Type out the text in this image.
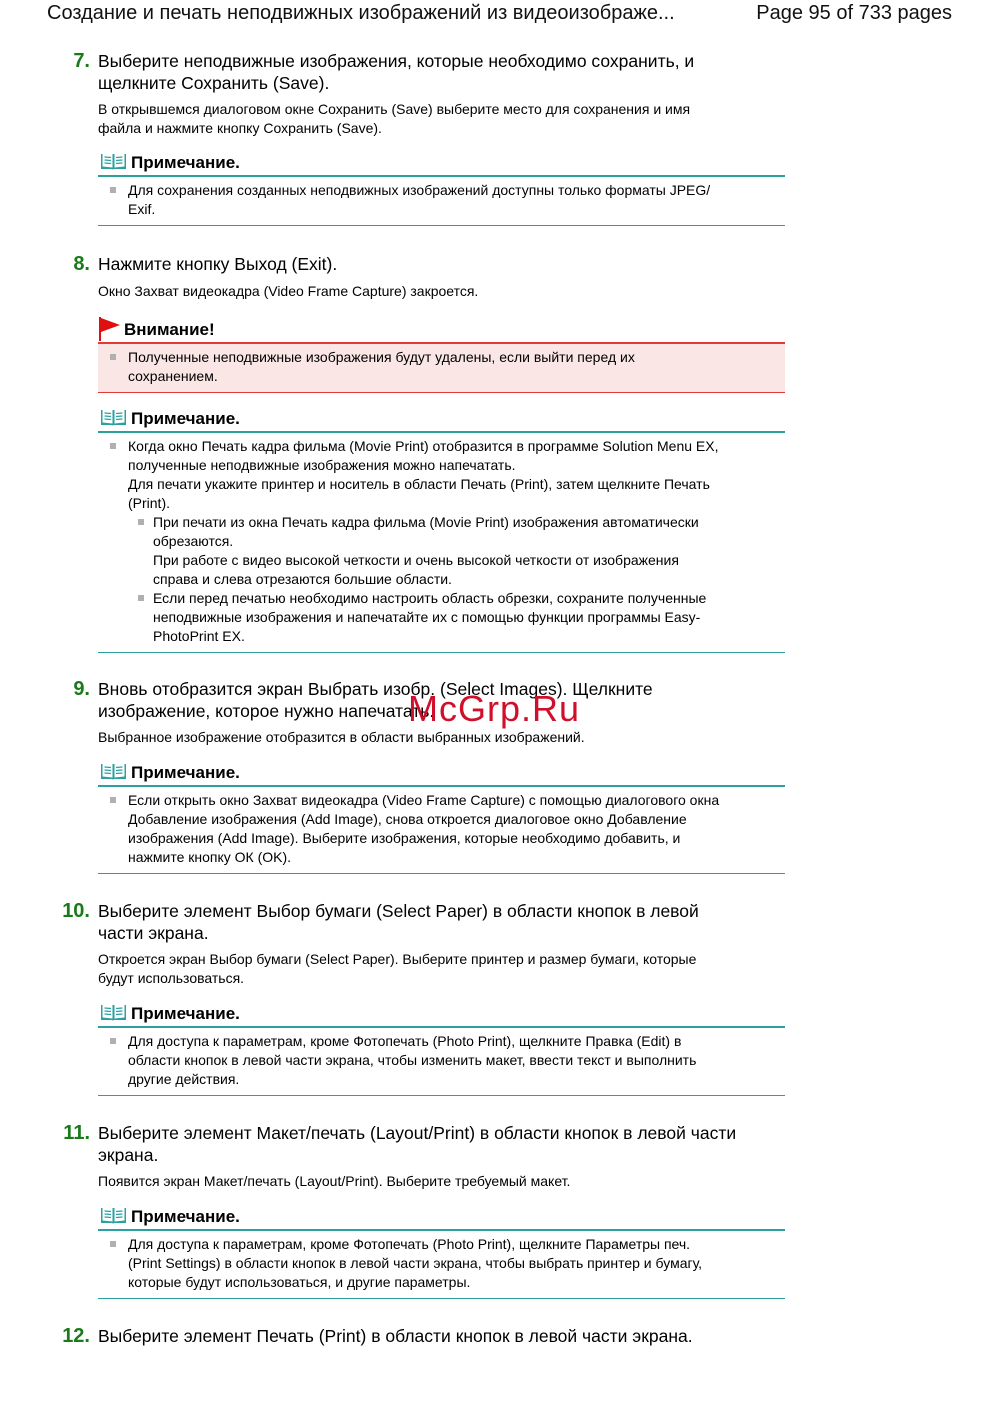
Создание и печать неподвижных изображений из видеоизображе...	Page 95 of 733 pages
7. Выберите неподвижные изображения, которые необходимо сохранить, и
щелкните Сохранить (Save).
В открывшемся диалоговом окне Сохранить (Save) выберите место для сохранения и имя
файла и нажмите кнопку Сохранить (Save).
Примечание.
Для сохранения созданных неподвижных изображений доступны только форматы JPEG/
Exif.
8. Нажмите кнопку Выход (Exit).
Окно Захват видеокадра (Video Frame Capture) закроется.
Внимание!
Полученные неподвижные изображения будут удалены, если выйти перед их
сохранением.
Примечание.
Когда окно Печать кадра фильма (Movie Print) отобразится в программе Solution Menu EX,
полученные неподвижные изображения можно напечатать.
Для печати укажите принтер и носитель в области Печать (Print), затем щелкните Печать
(Print).
При печати из окна Печать кадра фильма (Movie Print) изображения автоматически
обрезаются.
При работе с видео высокой четкости и очень высокой четкости от изображения
справа и слева отрезаются большие области.
Если перед печатью необходимо настроить область обрезки, сохраните полученные
неподвижные изображения и напечатайте их с помощью функции программы Easy-
PhotoPrint EX.
9. Вновь отобразится экран Выбрать изобр. (Select Images). Щелкните
изображение, которое нужно напечатать.
Выбранное изображение отобразится в области выбранных изображений.
McGrp.Ru
Примечание.
Если открыть окно Захват видеокадра (Video Frame Capture) с помощью диалогового окна
Добавление изображения (Add Image), снова откроется диалоговое окно Добавление
изображения (Add Image). Выберите изображения, которые необходимо добавить, и
нажмите кнопку ОК (OK).
10. Выберите элемент Выбор бумаги (Select Paper) в области кнопок в левой
части экрана.
Откроется экран Выбор бумаги (Select Paper). Выберите принтер и размер бумаги, которые
будут использоваться.
Примечание.
Для доступа к параметрам, кроме Фотопечать (Photo Print), щелкните Правка (Edit) в
области кнопок в левой части экрана, чтобы изменить макет, ввести текст и выполнить
другие действия.
11. Выберите элемент Макет/печать (Layout/Print) в области кнопок в левой части
экрана.
Появится экран Макет/печать (Layout/Print). Выберите требуемый макет.
Примечание.
Для доступа к параметрам, кроме Фотопечать (Photo Print), щелкните Параметры печ.
(Print Settings) в области кнопок в левой части экрана, чтобы выбрать принтер и бумагу,
которые будут использоваться, и другие параметры.
12. Выберите элемент Печать (Print) в области кнопок в левой части экрана.
